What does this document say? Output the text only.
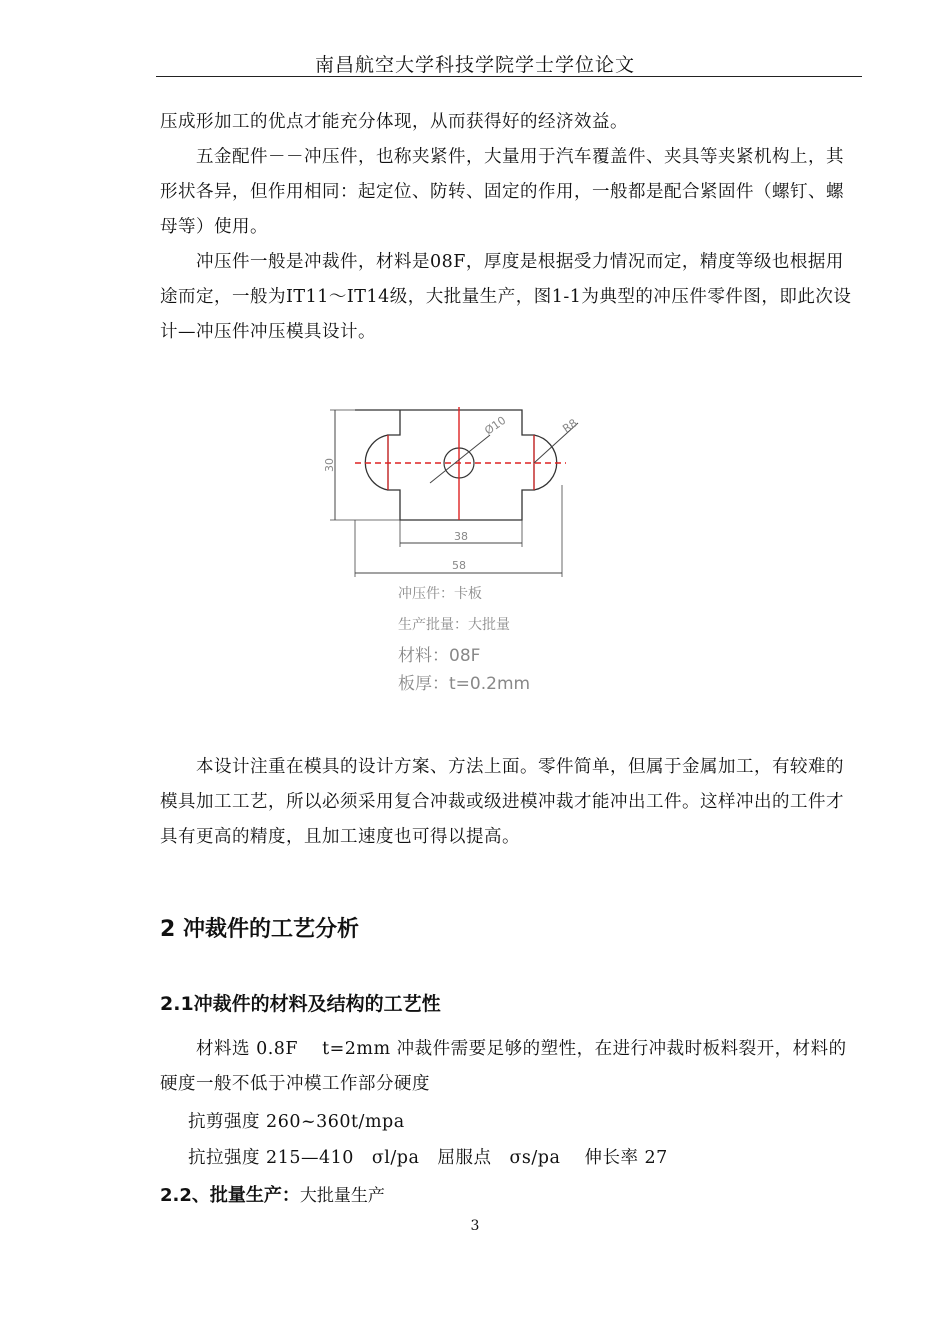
南昌航空大学科技学院学士学位论文

压成形加工的优点才能充分体现，从而获得好的经济效益。

五金配件－－冲压件，也称夹紧件，大量用于汽车覆盖件、夹具等夹紧机构上，其形状各异，但作用相同：起定位、防转、固定的作用，一般都是配合紧固件（螺钉、螺母等）使用。

冲压件一般是冲裁件，材料是08F，厚度是根据受力情况而定，精度等级也根据用途而定，一般为IT11～IT14级，大批量生产，图1-1为典型的冲压件零件图，即此次设计—冲压件冲压模具设计。

Ø10	R8
30
38
58
冲压件：卡板
生产批量：大批量
材料：08F
板厚：t=0.2mm

本设计注重在模具的设计方案、方法上面。零件简单，但属于金属加工，有较难的模具加工工艺，所以必须采用复合冲裁或级进模冲裁才能冲出工件。这样冲出的工件才具有更高的精度，且加工速度也可得以提高。

2 冲裁件的工艺分析
2.1冲裁件的材料及结构的工艺性

材料选 0.8F　 t=2mm 冲裁件需要足够的塑性，在进行冲裁时板料裂开，材料的硬度一般不低于冲模工作部分硬度

抗剪强度 260~360t/mpa
抗拉强度 215—410　σl/pa　屈服点　σs/pa　 伸长率 27
2.2、批量生产：大批量生产
3
